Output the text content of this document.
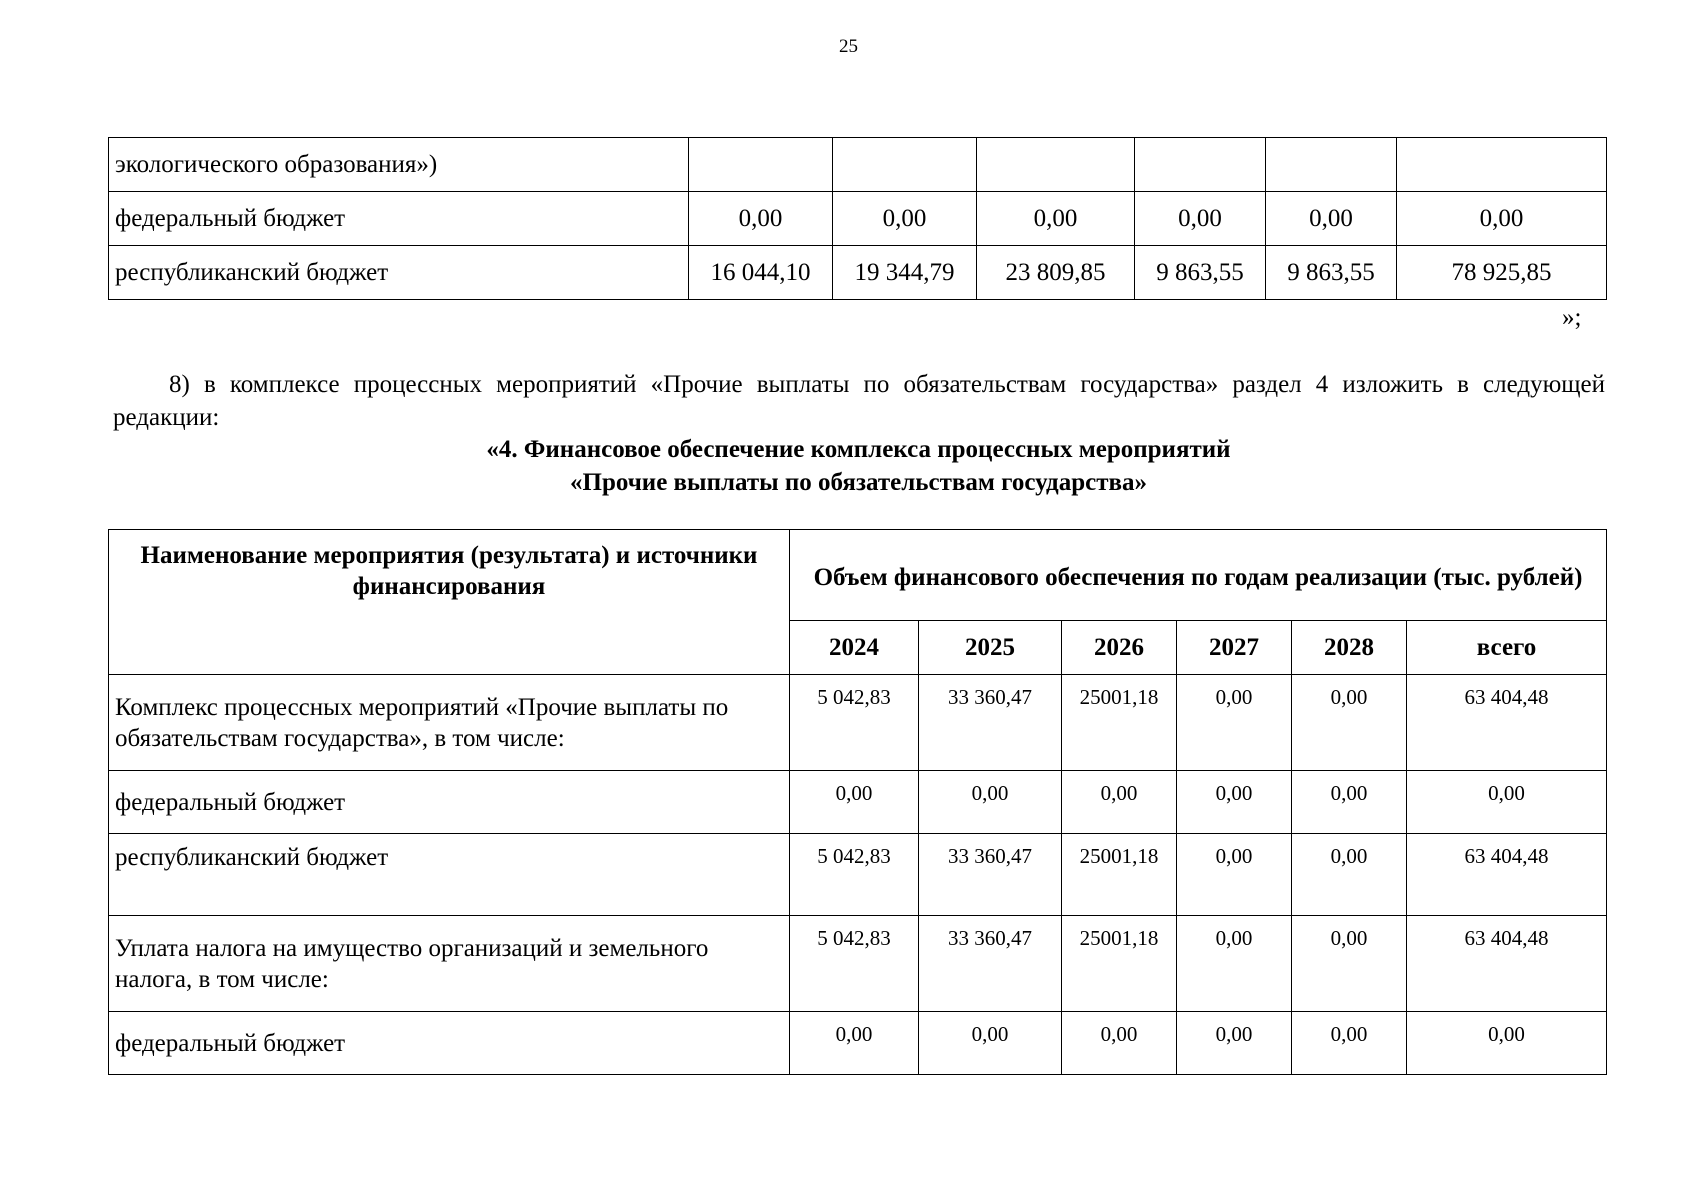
25
экологического образования»)						
федеральный бюджет	0,00	0,00	0,00	0,00	0,00	0,00
республиканский бюджет	16 044,10	19 344,79	23 809,85	9 863,55	9 863,55	78 925,85
»;

8) в комплексе процессных мероприятий «Прочие выплаты по обязательствам государства» раздел 4 изложить в следующей редакции:

«4. Финансовое обеспечение комплекса процессных мероприятий
«Прочие выплаты по обязательствам государства»
Наименование мероприятия (результата) и источники финансирования	Объем финансового обеспечения по годам реализации (тыс. рублей)					
	2024	2025	2026	2027	2028	всего
Комплекс процессных мероприятий «Прочие выплаты по обязательствам государства», в том числе:	5 042,83	33 360,47	25001,18	0,00	0,00	63 404,48
федеральный бюджет	0,00	0,00	0,00	0,00	0,00	0,00
республиканский бюджет	5 042,83	33 360,47	25001,18	0,00	0,00	63 404,48
Уплата налога на имущество организаций и земельного налога, в том числе:	5 042,83	33 360,47	25001,18	0,00	0,00	63 404,48
федеральный бюджет	0,00	0,00	0,00	0,00	0,00	0,00
